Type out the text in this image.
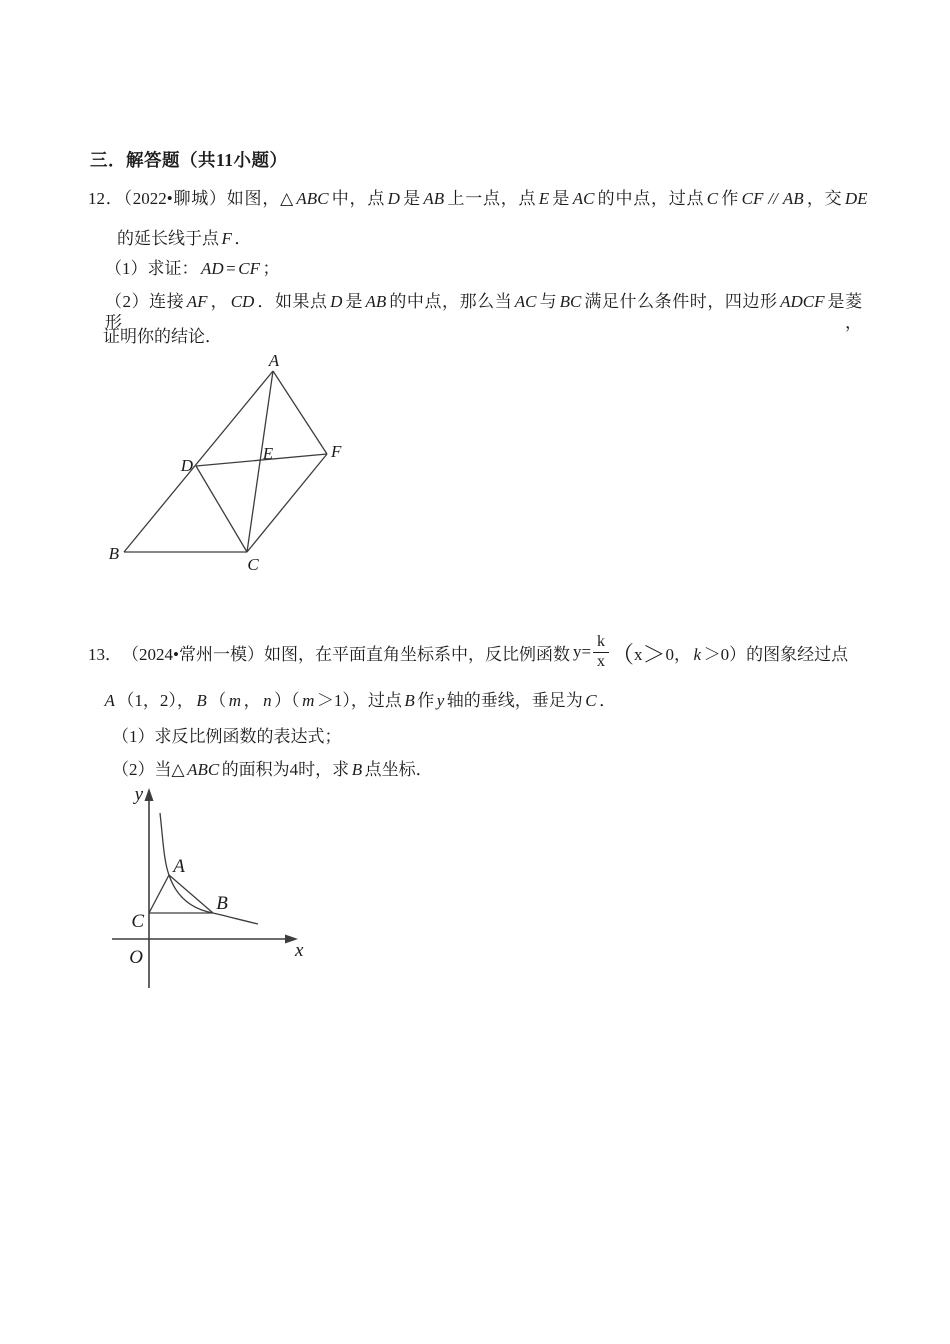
三．解答题（共11小题）
12．（2022•聊城）如图，△ ABC 中，点 D 是 AB 上一点，点 E 是 AC 的中点，过点 C 作 CF // AB ，交 DE
的延长线于点 F ．
（1）求证： AD = CF ；
（2）连接 AF ， CD ．如果点 D 是 AB 的中点，那么当 AC 与 BC 满足什么条件时，四边形 ADCF 是菱形，
证明你的结论．
A
B
C
D
E	F
13． （2024•常州一模）如图，在平面直角坐标系中，反比例函数 $y= \frac{k}{x} (x>0$， k ＞0）的图象经过点
A （1，2）， B （ m ， n ）（ m ＞1），过点 B 作 y 轴的垂线，垂足为 C ．
（1）求反比例函数的表达式；
（2）当△ ABC 的面积为4时，求 B 点坐标．
y
x
O
A
B
C
